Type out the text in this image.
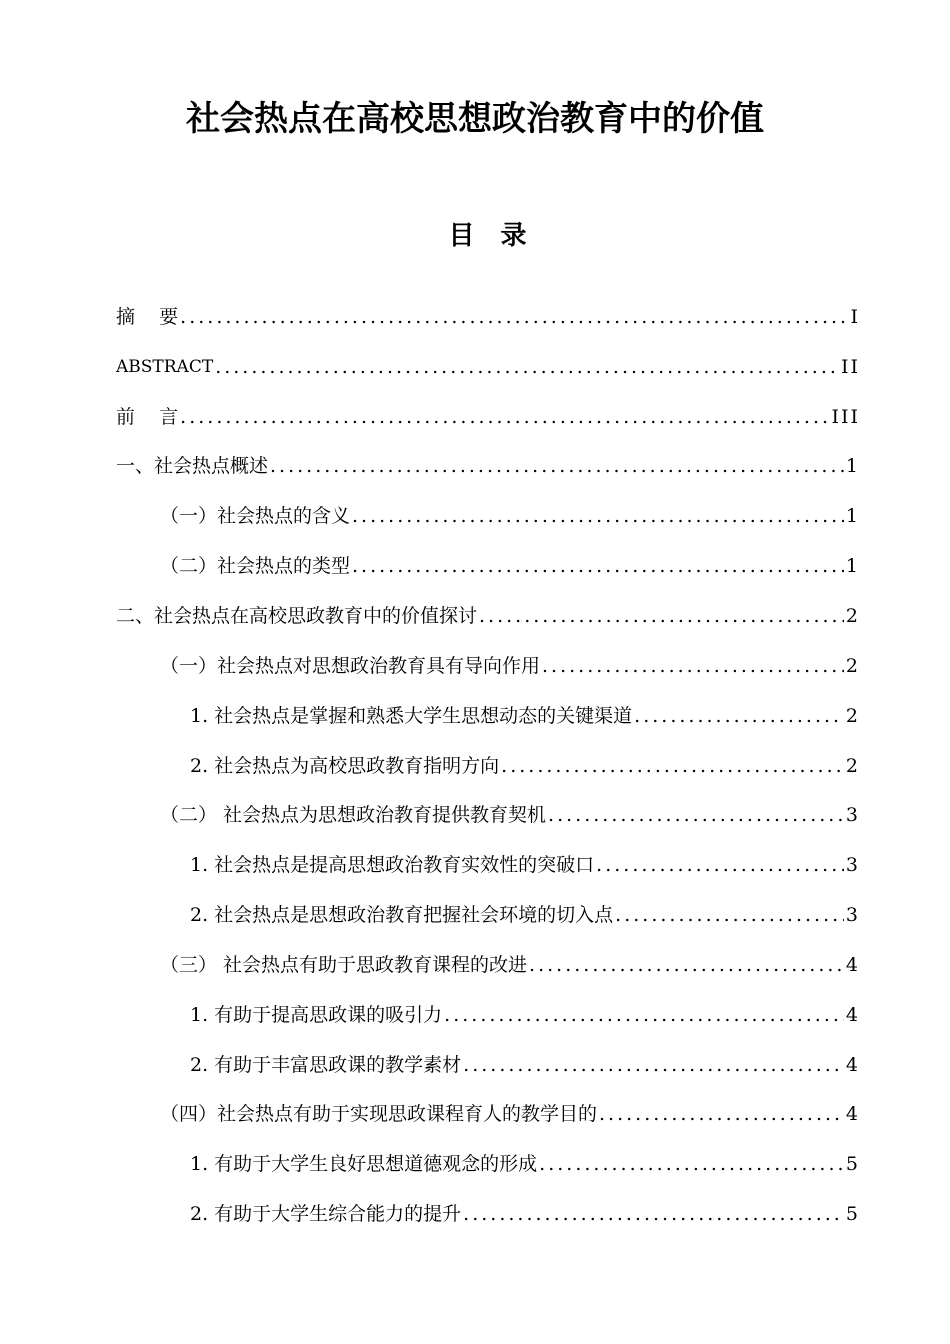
社会热点在高校思想政治教育中的价值
目 录
摘    要 .....	I
ABSTRACT .....	II
前    言 .....	III
一、社会热点概述 .....	1
（一）社会热点的含义 .....	1
（二）社会热点的类型 .....	1
二、社会热点在高校思政教育中的价值探讨 .....	2
（一）社会热点对思想政治教育具有导向作用 .....	2
1. 社会热点是掌握和熟悉大学生思想动态的关键渠道 .....	2
2. 社会热点为高校思政教育指明方向 .....	2
（二） 社会热点为思想政治教育提供教育契机 .....	3
1. 社会热点是提高思想政治教育实效性的突破口 .....	3
2. 社会热点是思想政治教育把握社会环境的切入点 .....	3
（三） 社会热点有助于思政教育课程的改进 .....	4
1. 有助于提高思政课的吸引力 .....	4
2. 有助于丰富思政课的教学素材 .....	4
（四）社会热点有助于实现思政课程育人的教学目的 .....	4
1. 有助于大学生良好思想道德观念的形成 .....	5
2. 有助于大学生综合能力的提升 .....	5
